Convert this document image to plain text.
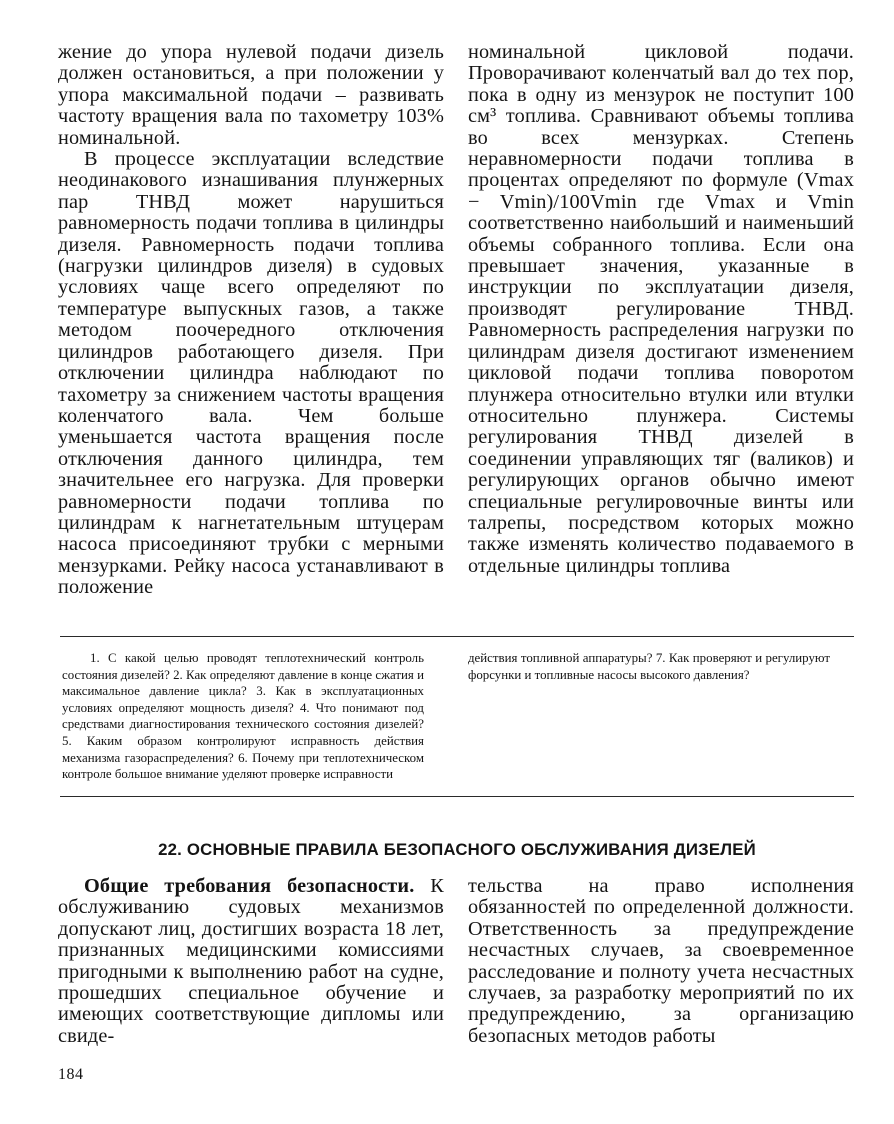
жение до упора нулевой подачи дизель должен остановиться, а при положении у упора максимальной подачи – развивать частоту вращения вала по тахометру 103% номинальной.

В процессе эксплуатации вследствие неодинакового изнашивания плунжерных пар ТНВД может нарушиться равномерность подачи топлива в цилиндры дизеля. Равномерность подачи топлива (нагрузки цилиндров дизеля) в судовых условиях чаще всего определяют по температуре выпускных газов, а также методом поочередного отключения цилиндров работающего дизеля. При отключении цилиндра наблюдают по тахометру за снижением частоты вращения коленчатого вала. Чем больше уменьшается частота вращения после отключения данного цилиндра, тем значительнее его нагрузка. Для проверки равномерности подачи топлива по цилиндрам к нагнетательным штуцерам насоса присоединяют трубки с мерными мензурками. Рейку насоса устанавливают в положение

номинальной цикловой подачи. Проворачивают коленчатый вал до тех пор, пока в одну из мензурок не поступит 100 см³ топлива. Сравнивают объемы топлива во всех мензурках. Степень неравномерности подачи топлива в процентах определяют по формуле (Vmax − Vmin)/100Vmin где Vmax и Vmin соответственно наибольший и наименьший объемы собранного топлива. Если она превышает значения, указанные в инструкции по эксплуатации дизеля, производят регулирование ТНВД. Равномерность распределения нагрузки по цилиндрам дизеля достигают изменением цикловой подачи топлива поворотом плунжера относительно втулки или втулки относительно плунжера. Системы регулирования ТНВД дизелей в соединении управляющих тяг (валиков) и регулирующих органов обычно имеют специальные регулировочные винты или талрепы, посредством которых можно также изменять количество подаваемого в отдельные цилиндры топлива

1. С какой целью проводят теплотехнический контроль состояния дизелей? 2. Как определяют давление в конце сжатия и максимальное давление цикла? 3. Как в эксплуатационных условиях определяют мощность дизеля? 4. Что понимают под средствами диагностирования технического состояния дизелей? 5. Каким образом контролируют исправность действия механизма газораспределения? 6. Почему при теплотехническом контроле большое внимание уделяют проверке исправности

действия топливной аппаратуры? 7. Как проверяют и регулируют форсунки и топливные насосы высокого давления?

22. ОСНОВНЫЕ ПРАВИЛА БЕЗОПАСНОГО ОБСЛУЖИВАНИЯ ДИЗЕЛЕЙ

Общие требования безопасности. К обслуживанию судовых механизмов допускают лиц, достигших возраста 18 лет, признанных медицинскими комиссиями пригодными к выполнению работ на судне, прошедших специальное обучение и имеющих соответствующие дипломы или свиде-

тельства на право исполнения обязанностей по определенной должности. Ответственность за предупреждение несчастных случаев, за своевременное расследование и полноту учета несчастных случаев, за разработку мероприятий по их предупреждению, за организацию безопасных методов работы

184
